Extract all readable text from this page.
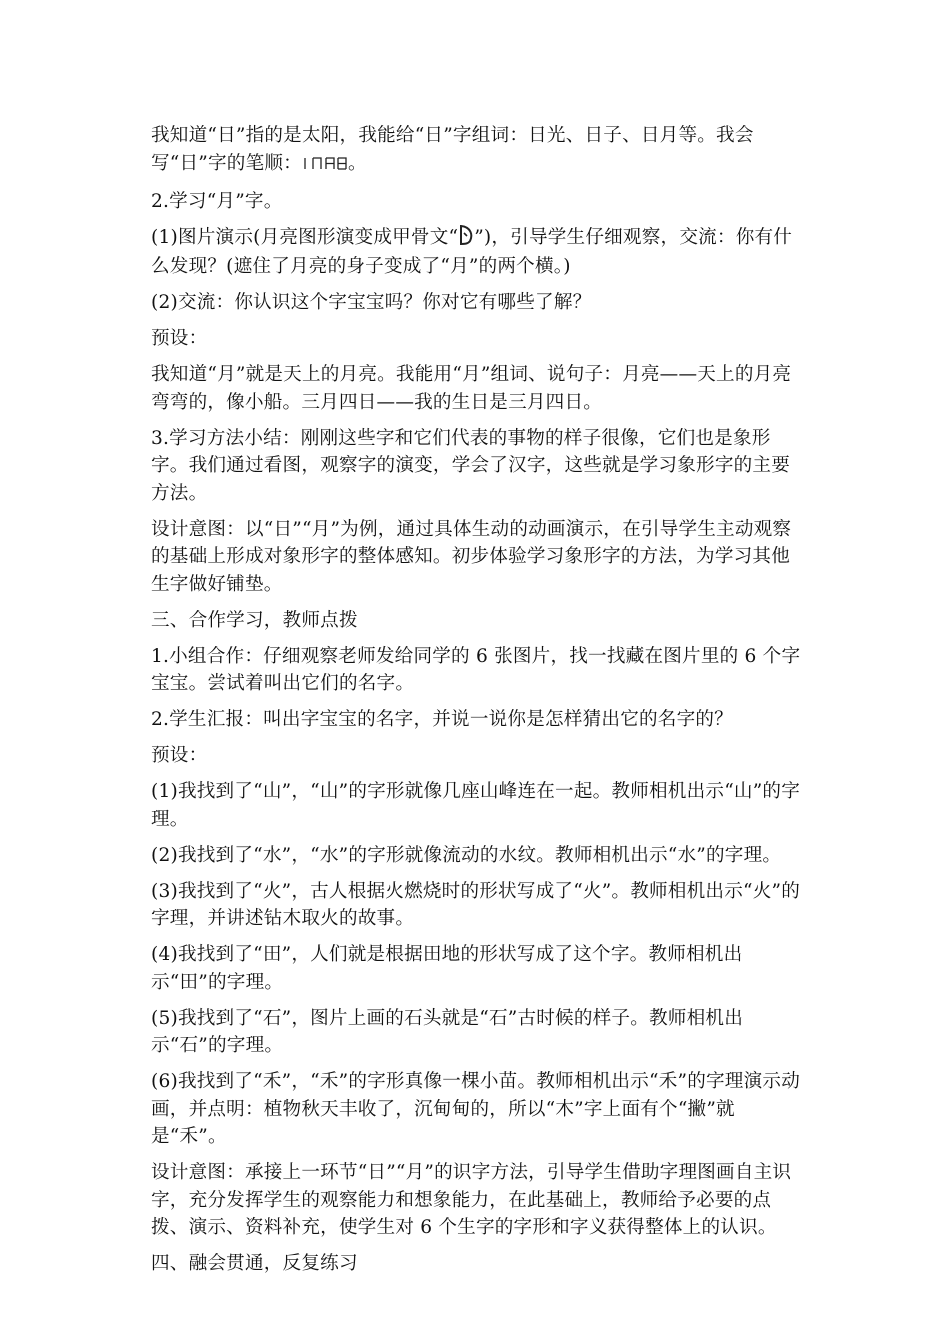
我知道“日”指的是太阳，我能给“日”字组词：日光、日子、日月等。我会写“日”字的笔顺： 。

2.学习“月”字。

(1)图片演示(月亮图形演变成甲骨文“ ”)，引导学生仔细观察，交流：你有什么发现？(遮住了月亮的身子变成了“月”的两个横。)

(2)交流：你认识这个字宝宝吗？你对它有哪些了解？

预设：

我知道“月”就是天上的月亮。我能用“月”组词、说句子：月亮——天上的月亮弯弯的，像小船。三月四日——我的生日是三月四日。

3.学习方法小结：刚刚这些字和它们代表的事物的样子很像，它们也是象形字。我们通过看图，观察字的演变，学会了汉字，这些就是学习象形字的主要方法。

设计意图：以“日”“月”为例，通过具体生动的动画演示，在引导学生主动观察的基础上形成对象形字的整体感知。初步体验学习象形字的方法，为学习其他生字做好铺垫。

三、合作学习，教师点拨

1.小组合作：仔细观察老师发给同学的 6 张图片，找一找藏在图片里的 6 个字宝宝。尝试着叫出它们的名字。

2.学生汇报：叫出字宝宝的名字，并说一说你是怎样猜出它的名字的？

预设：

(1)我找到了“山”，“山”的字形就像几座山峰连在一起。教师相机出示“山”的字理。

(2)我找到了“水”，“水”的字形就像流动的水纹。教师相机出示“水”的字理。

(3)我找到了“火”，古人根据火燃烧时的形状写成了“火”。教师相机出示“火”的字理，并讲述钻木取火的故事。

(4)我找到了“田”，人们就是根据田地的形状写成了这个字。教师相机出示“田”的字理。

(5)我找到了“石”，图片上画的石头就是“石”古时候的样子。教师相机出示“石”的字理。

(6)我找到了“禾”，“禾”的字形真像一棵小苗。教师相机出示“禾”的字理演示动画，并点明：植物秋天丰收了，沉甸甸的，所以“木”字上面有个“撇”就是“禾”。

设计意图：承接上一环节“日”“月”的识字方法，引导学生借助字理图画自主识字，充分发挥学生的观察能力和想象能力，在此基础上，教师给予必要的点拨、演示、资料补充，使学生对 6 个生字的字形和字义获得整体上的认识。

四、融会贯通，反复练习
